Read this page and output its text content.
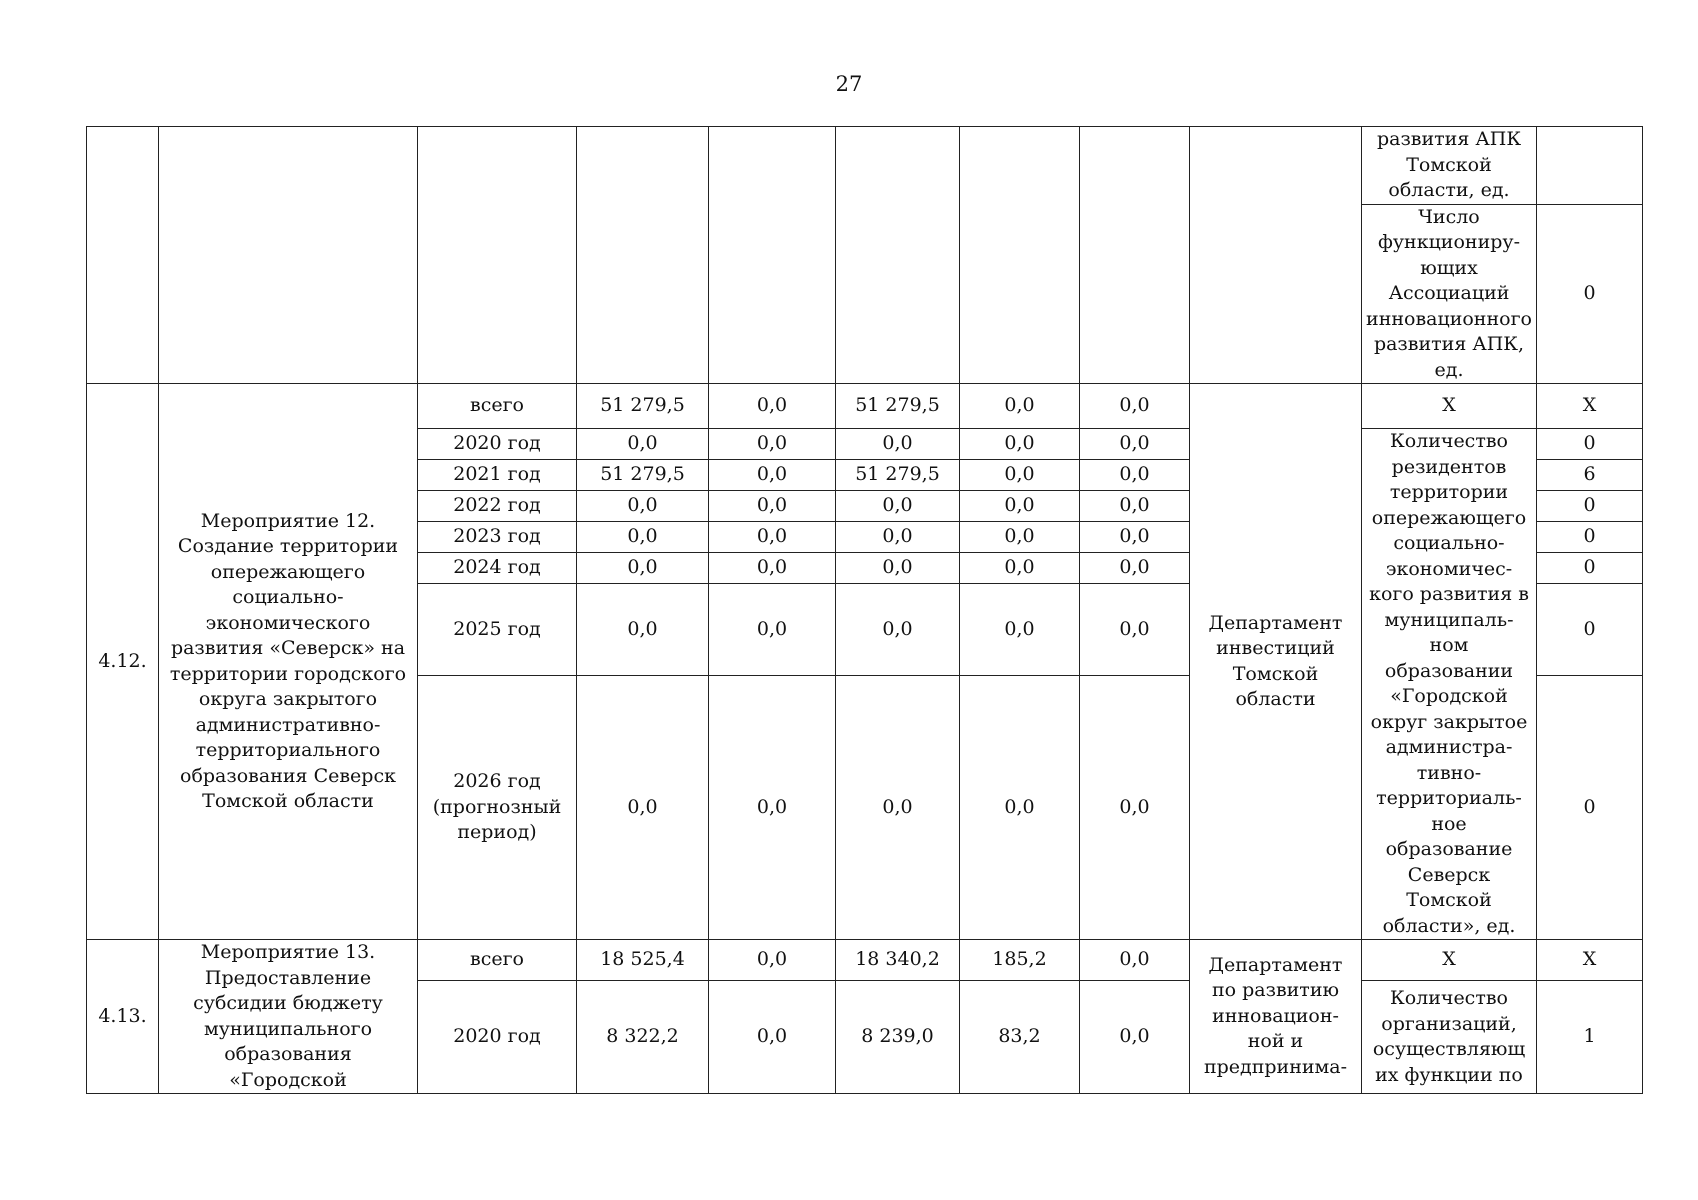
27
									развития АПК Томской области, ед.	
									Число функциониру-ющих Ассоциаций инновационного развития АПК, ед.	0
4.12.	Мероприятие 12. Создание территории опережающего социально-экономического развития «Северск» на территории городского округа закрытого административно-территориального образования Северск Томской области	всего	51 279,5	0,0	51 279,5	0,0	0,0	Департамент инвестиций Томской области	X	X
		2020 год	0,0	0,0	0,0	0,0	0,0		Количество резидентов территории опережающего социально-экономичес-кого развития в муниципаль-ном образовании «Городской округ закрытое администра-тивно-территориаль-ное образование Северск Томской области», ед.	0
		2021 год	51 279,5	0,0	51 279,5	0,0	0,0			6
		2022 год	0,0	0,0	0,0	0,0	0,0			0
		2023 год	0,0	0,0	0,0	0,0	0,0			0
		2024 год	0,0	0,0	0,0	0,0	0,0			0
		2025 год	0,0	0,0	0,0	0,0	0,0			0
		2026 год (прогнозный период)	0,0	0,0	0,0	0,0	0,0			0
4.13.	Мероприятие 13. Предоставление субсидии бюджету муниципального образования «Городской	всего	18 525,4	0,0	18 340,2	185,2	0,0	Департамент по развитию инновацион-ной и предпринима-	X	X
		2020 год	8 322,2	0,0	8 239,0	83,2	0,0		Количество организаций, осуществляющ их функции по	1
